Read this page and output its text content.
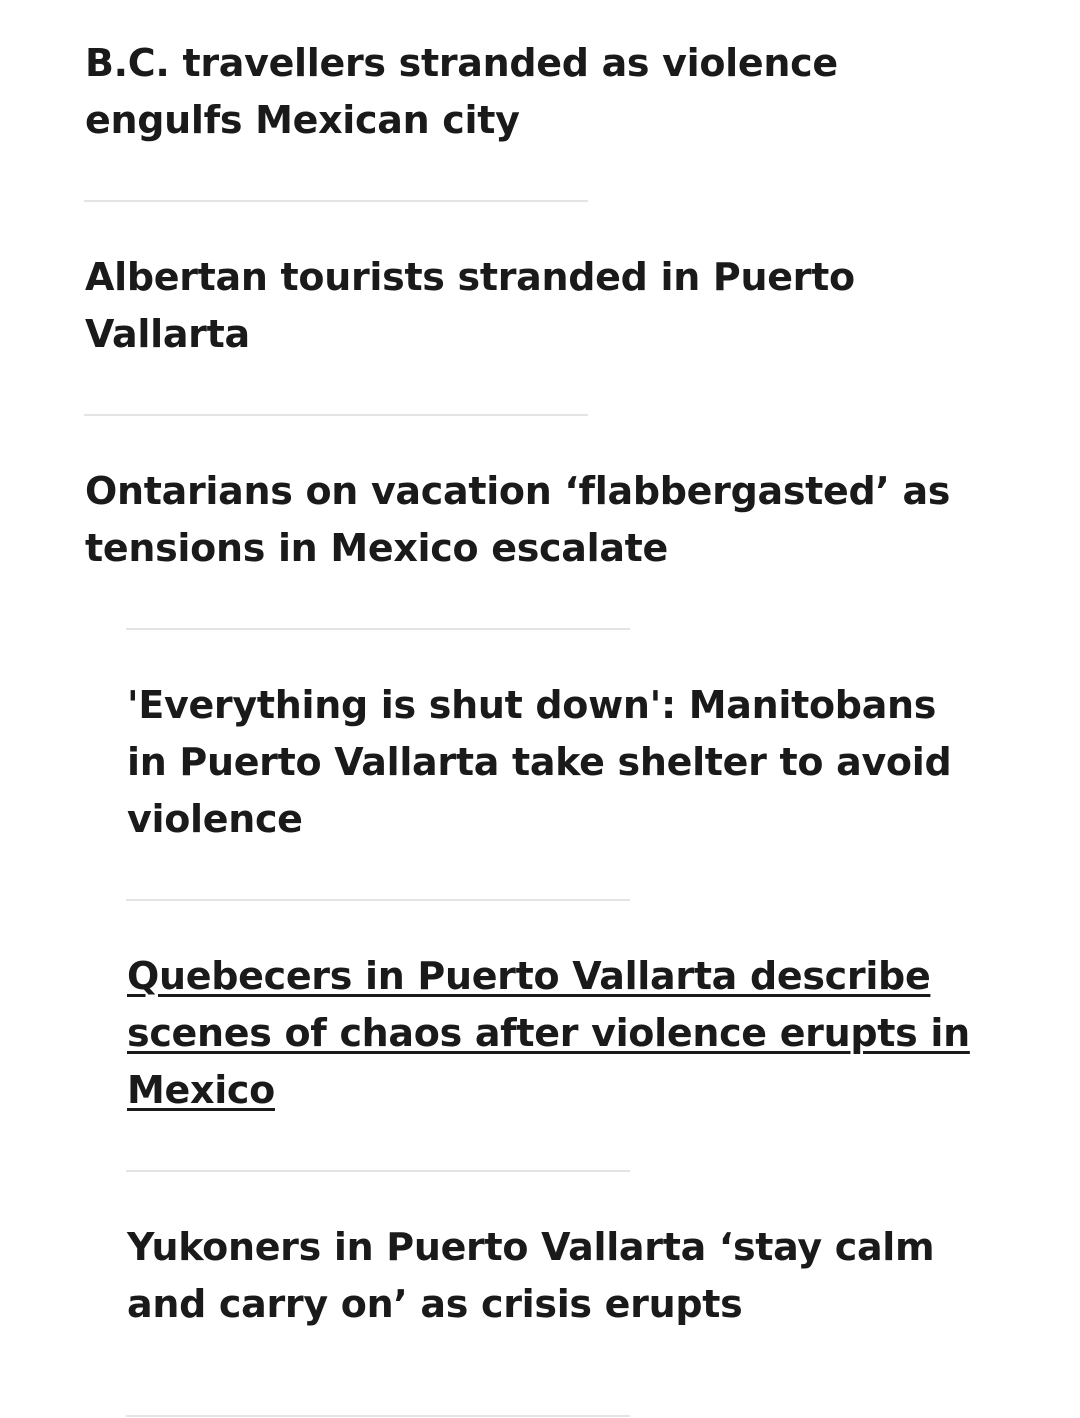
B.C. travellers stranded as violence engulfs Mexican city
Albertan tourists stranded in Puerto Vallarta
Ontarians on vacation ‘flabbergasted’ as tensions in Mexico escalate
'Everything is shut down': Manitobans in Puerto Vallarta take shelter to avoid violence
Quebecers in Puerto Vallarta describe scenes of chaos after violence erupts in Mexico
Yukoners in Puerto Vallarta ‘stay calm and carry on’ as crisis erupts
